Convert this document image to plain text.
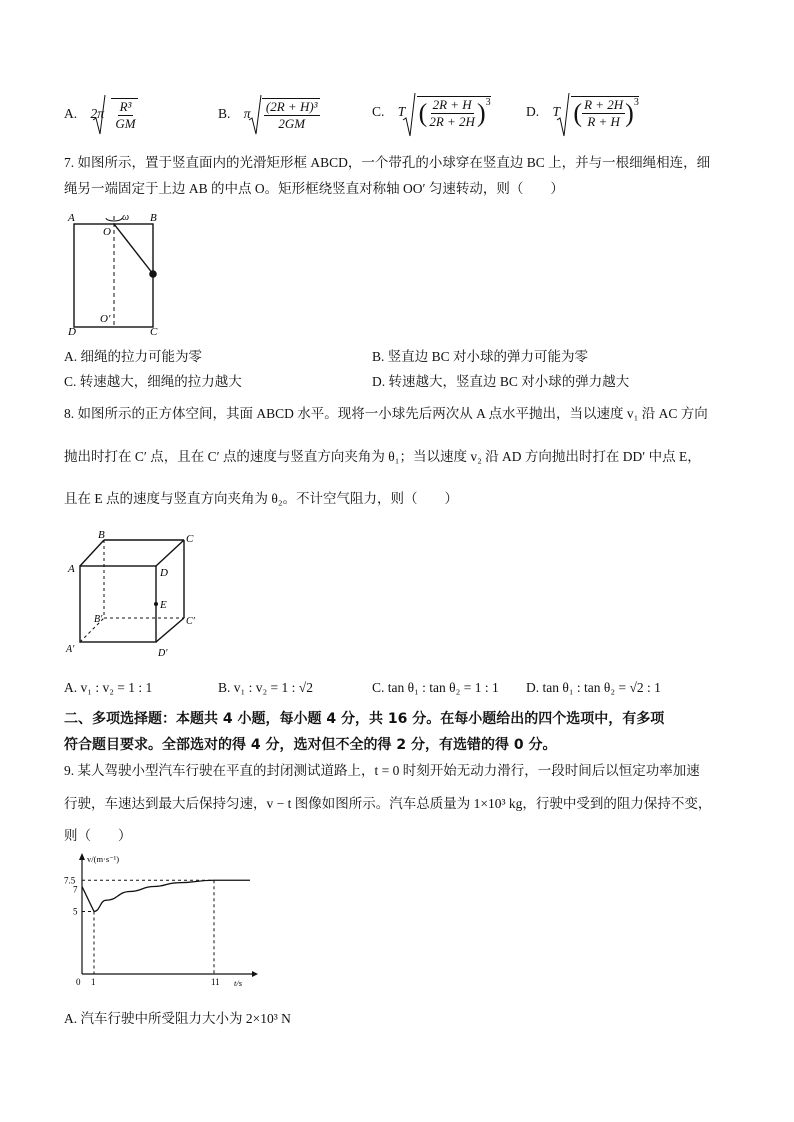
A. $2\pi \frac{\text{R³}}{GM}$	B. π $\frac{\text{(2R + H)³}}{2GM}$	C. T ( $\frac{2R + H}{2R + 2H} )^3$
D. T ( $\frac{R + 2H}{R + H} )^3$
7. 如图所示，置于竖直面内的光滑矩形框 ABCD，一个带孔的小球穿在竖直边 BC 上，并与一根细绳相连，细
绳另一端固定于上边 AB 的中点 O。矩形框绕竖直对称轴 OO′ 匀速转动，则（　　）
A	B
C
D
O
O′
ω
A. 细绳的拉力可能为零	B. 竖直边 BC 对小球的弹力可能为零
C. 转速越大，细绳的拉力越大	D. 转速越大，竖直边 BC 对小球的弹力越大
8. 如图所示的正方体空间，其面 ABCD 水平。现将一小球先后两次从 A 点水平抛出，当以速度 v₁ 沿 AC 方向
抛出时打在 C′ 点，且在 C′ 点的速度与竖直方向夹角为 θ₁；当以速度 v₂ 沿 AD 方向抛出时打在 DD′ 中点 E，
且在 E 点的速度与竖直方向夹角为 θ₂。不计空气阻力，则（　　）
B	C
A	D
E
B′	C′
A′	D′
A. v₁ : v₂ = 1 : 1	B. v₁ : v₂ = 1 : √2	C. tan θ₁ : tan θ₂ = 1 : 1 D. tan θ₁ : tan θ₂ = √2 : 1
二、多项选择题：本题共 4 小题，每小题 4 分，共 16 分。在每小题给出的四个选项中，有多项
符合题目要求。全部选对的得 4 分，选对但不全的得 2 分，有选错的得 0 分。
9. 某人驾驶小型汽车行驶在平直的封闭测试道路上，t = 0 时刻开始无动力滑行，一段时间后以恒定功率加速
行驶，车速达到最大后保持匀速，v − t 图像如图所示。汽车总质量为 1×10³ kg，行驶中受到的阻力保持不变，
则（　　）
v/(m·s⁻¹)
t/s
0 1	11
5
7
7.5
A. 汽车行驶中所受阻力大小为 2×10³ N
